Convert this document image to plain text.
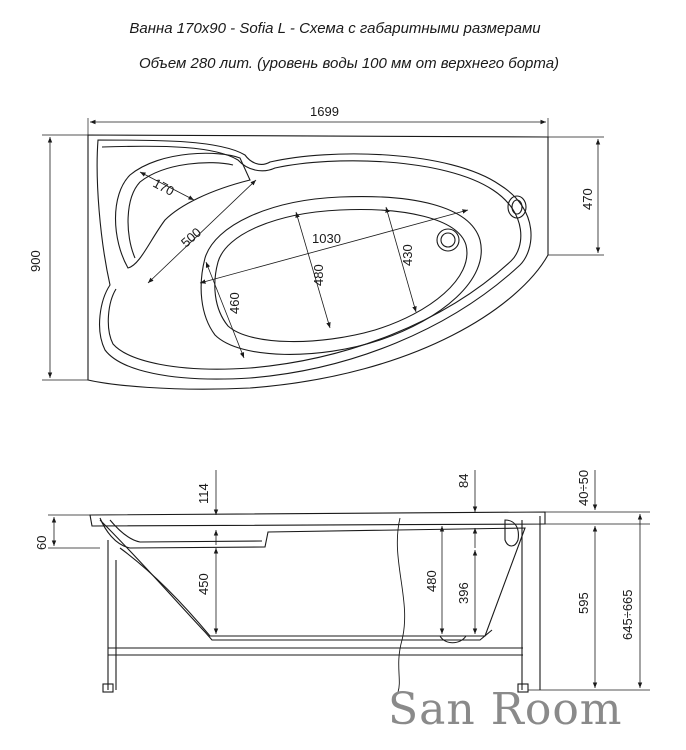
Ванна 170х90 - Sofia L - Схема с габаритными размерами
Объем 280 лит. (уровень воды 100 мм от верхнего борта)
1699
900
470
170
500	1030
480
430
460
60
114
450
84	40÷50
480
396	595 645÷665
San Room
